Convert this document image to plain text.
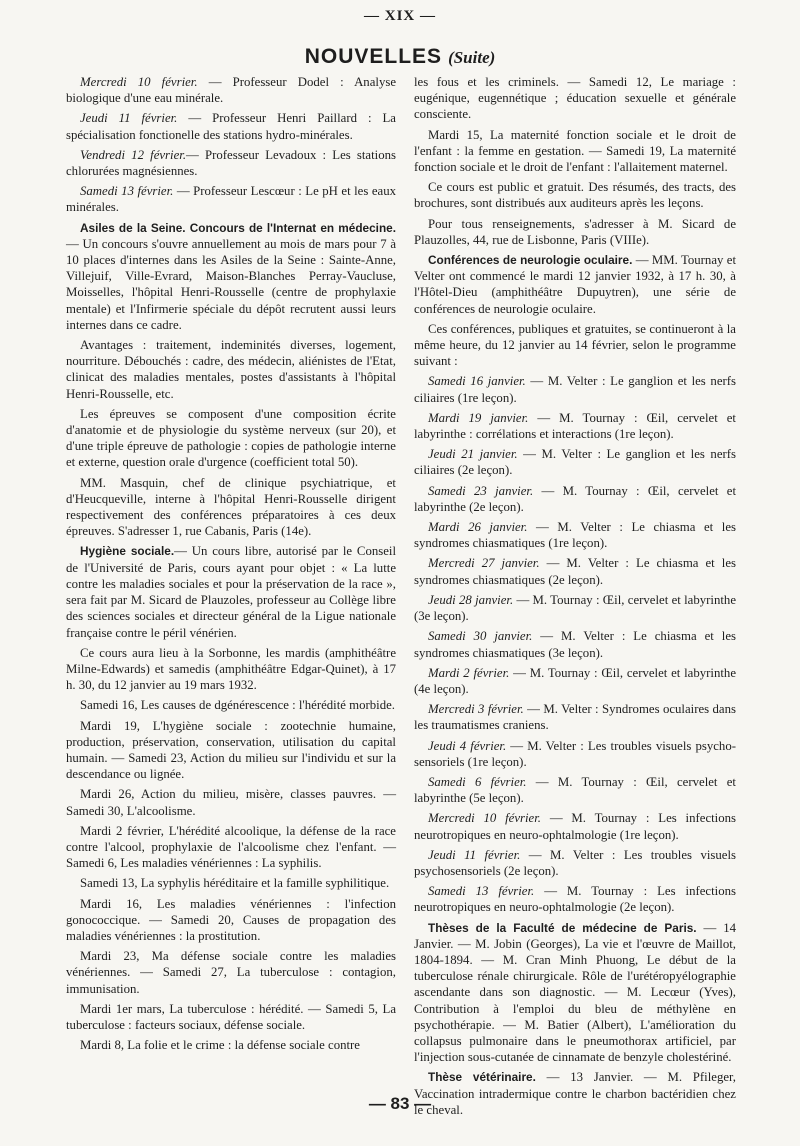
— XIX —
NOUVELLES (Suite)

Mercredi 10 février. — Professeur Dodel : Analyse biologique d'une eau minérale.

Jeudi 11 février. — Professeur Henri Paillard : La spécialisation fonctionelle des stations hydro-minérales.

Vendredi 12 février.— Professeur Levadoux : Les stations chlorurées magnésiennes.

Samedi 13 février. — Professeur Lescœur : Le pH et les eaux minérales.

Asiles de la Seine. Concours de l'Internat en médecine. — Un concours s'ouvre annuellement au mois de mars pour 7 à 10 places d'internes dans les Asiles de la Seine : Sainte-Anne, Villejuif, Ville-Evrard, Maison-Blanches Perray-Vaucluse, Moisselles, l'hôpital Henri-Rousselle (centre de prophylaxie mentale) et l'Infirmerie spéciale du dépôt recrutent aussi leurs internes dans ce cadre.

Avantages : traitement, indeminités diverses, logement, nourriture. Débouchés : cadre, des médecin, aliénistes de l'Etat, clinicat des maladies mentales, postes d'assistants à l'hôpital Henri-Rousselle, etc.

Les épreuves se composent d'une composition écrite d'anatomie et de physiologie du système nerveux (sur 20), et d'une triple épreuve de pathologie : copies de pathologie interne et externe, question orale d'urgence (coefficient total 50).

MM. Masquin, chef de clinique psychiatrique, et d'Heucqueville, interne à l'hôpital Henri-Rousselle dirigent respectivement des conférences préparatoires à ces deux épreuves. S'adresser 1, rue Cabanis, Paris (14e).

Hygiène sociale.— Un cours libre, autorisé par le Conseil de l'Université de Paris, cours ayant pour objet : « La lutte contre les maladies sociales et pour la préservation de la race », sera fait par M. Sicard de Plauzoles, professeur au Collège libre des sciences sociales et directeur général de la Ligue nationale française contre le péril vénérien.

Ce cours aura lieu à la Sorbonne, les mardis (amphithéâtre Milne-Edwards) et samedis (amphithéâtre Edgar-Quinet), à 17 h. 30, du 12 janvier au 19 mars 1932.

Samedi 16, Les causes de dgénérescence : l'hérédité morbide.

Mardi 19, L'hygiène sociale : zootechnie humaine, production, préservation, conservation, utilisation du capital humain. — Samedi 23, Action du milieu sur l'individu et sur la descendance ou lignée.

Mardi 26, Action du milieu, misère, classes pauvres. — Samedi 30, L'alcoolisme.

Mardi 2 février, L'hérédité alcoolique, la défense de la race contre l'alcool, prophylaxie de l'alcoolisme chez l'enfant. — Samedi 6, Les maladies vénériennes : La syphilis.

Samedi 13, La syphylis héréditaire et la famille syphilitique.

Mardi 16, Les maladies vénériennes : l'infection gonococcique. — Samedi 20, Causes de propagation des maladies vénériennes : la prostitution.

Mardi 23, Ma défense sociale contre les maladies vénériennes. — Samedi 27, La tuberculose : contagion, immunisation.

Mardi 1er mars, La tuberculose : hérédité. — Samedi 5, La tuberculose : facteurs sociaux, défense sociale.

Mardi 8, La folie et le crime : la défense sociale contre

les fous et les criminels. — Samedi 12, Le mariage : eugénique, eugennétique ; éducation sexuelle et générale consciente.

Mardi 15, La maternité fonction sociale et le droit de l'enfant : la femme en gestation. — Samedi 19, La maternité fonction sociale et le droit de l'enfant : l'allaitement maternel.

Ce cours est public et gratuit. Des résumés, des tracts, des brochures, sont distribués aux auditeurs après les leçons.

Pour tous renseignements, s'adresser à M. Sicard de Plauzolles, 44, rue de Lisbonne, Paris (VIIIe).

Conférences de neurologie oculaire. — MM. Tournay et Velter ont commencé le mardi 12 janvier 1932, à 17 h. 30, à l'Hôtel-Dieu (amphithéâtre Dupuytren), une série de conférences de neurologie oculaire.

Ces conférences, publiques et gratuites, se continueront à la même heure, du 12 janvier au 14 février, selon le programme suivant :

Samedi 16 janvier. — M. Velter : Le ganglion et les nerfs ciliaires (1re leçon).

Mardi 19 janvier. — M. Tournay : Œil, cervelet et labyrinthe : corrélations et interactions (1re leçon).

Jeudi 21 janvier. — M. Velter : Le ganglion et les nerfs ciliaires (2e leçon).

Samedi 23 janvier. — M. Tournay : Œil, cervelet et labyrinthe (2e leçon).

Mardi 26 janvier. — M. Velter : Le chiasma et les syndromes chiasmatiques (1re leçon).

Mercredi 27 janvier. — M. Velter : Le chiasma et les syndromes chiasmatiques (2e leçon).

Jeudi 28 janvier. — M. Tournay : Œil, cervelet et labyrinthe (3e leçon).

Samedi 30 janvier. — M. Velter : Le chiasma et les syndromes chiasmatiques (3e leçon).

Mardi 2 février. — M. Tournay : Œil, cervelet et labyrinthe (4e leçon).

Mercredi 3 février. — M. Velter : Syndromes oculaires dans les traumatismes craniens.

Jeudi 4 février. — M. Velter : Les troubles visuels psycho-sensoriels (1re leçon).

Samedi 6 février. — M. Tournay : Œil, cervelet et labyrinthe (5e leçon).

Mercredi 10 février. — M. Tournay : Les infections neurotropiques en neuro-ophtalmologie (1re leçon).

Jeudi 11 février. — M. Velter : Les troubles visuels psychosensoriels (2e leçon).

Samedi 13 février. — M. Tournay : Les infections neurotropiques en neuro-ophtalmologie (2e leçon).

Thèses de la Faculté de médecine de Paris. — 14 Janvier. — M. Jobin (Georges), La vie et l'œuvre de Maillot, 1804-1894. — M. Cran Minh Phuong, Le début de la tuberculose rénale chirurgicale. Rôle de l'urétéropyélographie ascendante dans son diagnostic. — M. Lecœur (Yves), Contribution à l'emploi du bleu de méthylène en psychothérapie. — M. Batier (Albert), L'amélioration du collapsus pulmonaire dans le pneumothorax artificiel, par l'injection sous-cutanée de cinnamate de benzyle cholestériné.

Thèse vétérinaire. — 13 Janvier. — M. Pfileger, Vaccination intradermique contre le charbon bactéridien chez le cheval.

— 83 —
